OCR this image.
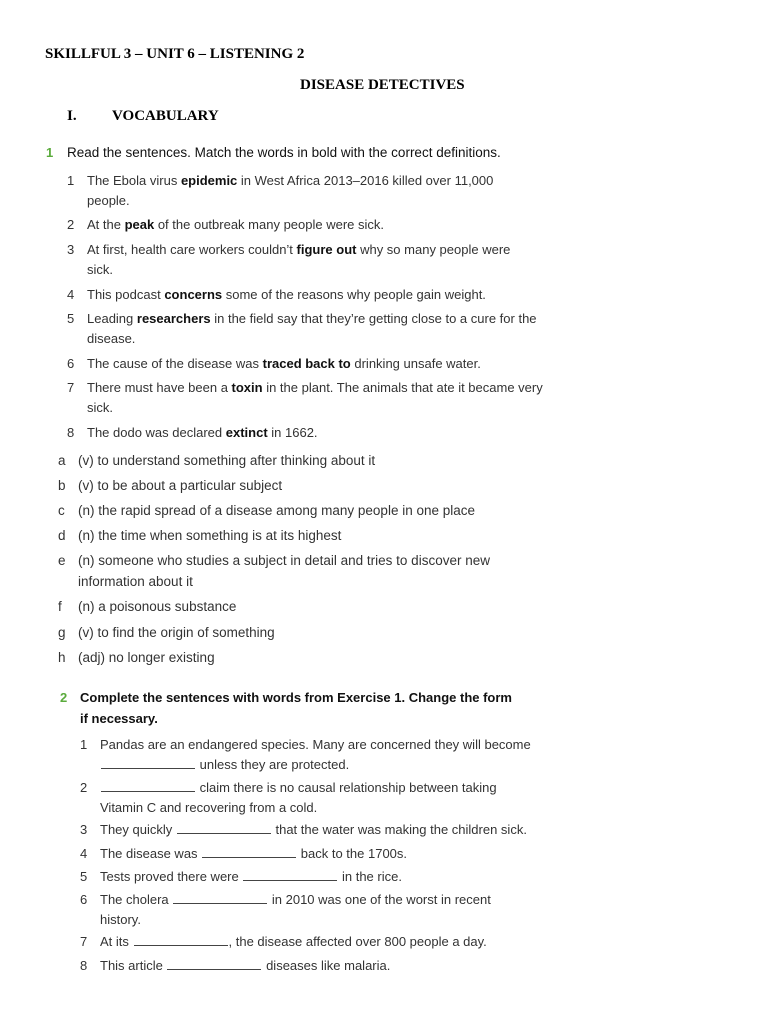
SKILLFUL 3 – UNIT 6 – LISTENING 2
DISEASE DETECTIVES
I. VOCABULARY
1 Read the sentences. Match the words in bold with the correct definitions.
1 The Ebola virus epidemic in West Africa 2013–2016 killed over 11,000 people.
2 At the peak of the outbreak many people were sick.
3 At first, health care workers couldn’t figure out why so many people were sick.
4 This podcast concerns some of the reasons why people gain weight.
5 Leading researchers in the field say that they’re getting close to a cure for the disease.
6 The cause of the disease was traced back to drinking unsafe water.
7 There must have been a toxin in the plant. The animals that ate it became very sick.
8 The dodo was declared extinct in 1662.
a (v) to understand something after thinking about it
b (v) to be about a particular subject
c (n) the rapid spread of a disease among many people in one place
d (n) the time when something is at its highest
e (n) someone who studies a subject in detail and tries to discover new information about it
f (n) a poisonous substance
g (v) to find the origin of something
h (adj) no longer existing
2 Complete the sentences with words from Exercise 1. Change the form if necessary.
1 Pandas are an endangered species. Many are concerned they will become
unless they are protected.
2	claim there is no causal relationship between taking Vitamin C and recovering from a cold.
3 They quickly	that the water was making the children sick.
4 The disease was	back to the 1700s.
5 Tests proved there were	in the rice.
6 The cholera	in 2010 was one of the worst in recent history.
7 At its	, the disease affected over 800 people a day.
8 This article	diseases like malaria.
